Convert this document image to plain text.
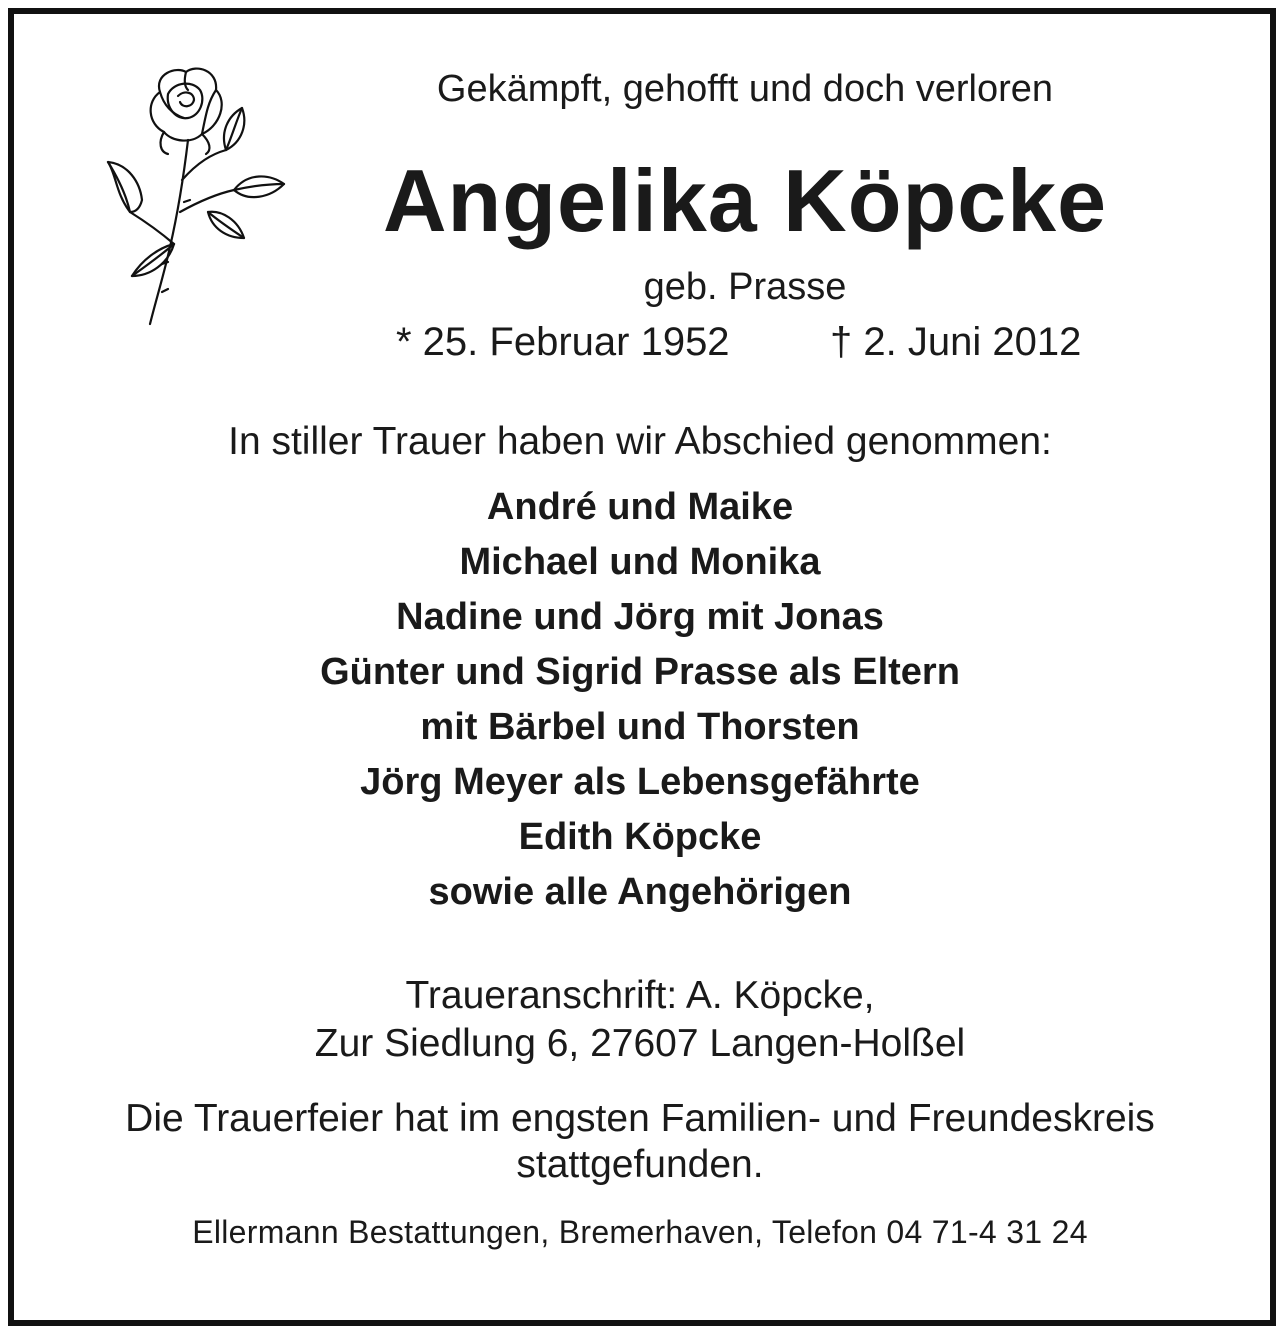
Gekämpft, gehofft und doch verloren
Angelika Köpcke
geb. Prasse
* 25. Februar 1952	† 2. Juni 2012
In stiller Trauer haben wir Abschied genommen:
André und Maike
Michael und Monika
Nadine und Jörg mit Jonas
Günter und Sigrid Prasse als Eltern
mit Bärbel und Thorsten
Jörg Meyer als Lebensgefährte
Edith Köpcke
sowie alle Angehörigen
Traueranschrift: A. Köpcke,
Zur Siedlung 6, 27607 Langen-Holßel
Die Trauerfeier hat im engsten Familien- und Freundeskreis
stattgefunden.
Ellermann Bestattungen, Bremerhaven, Telefon 04 71-4 31 24
